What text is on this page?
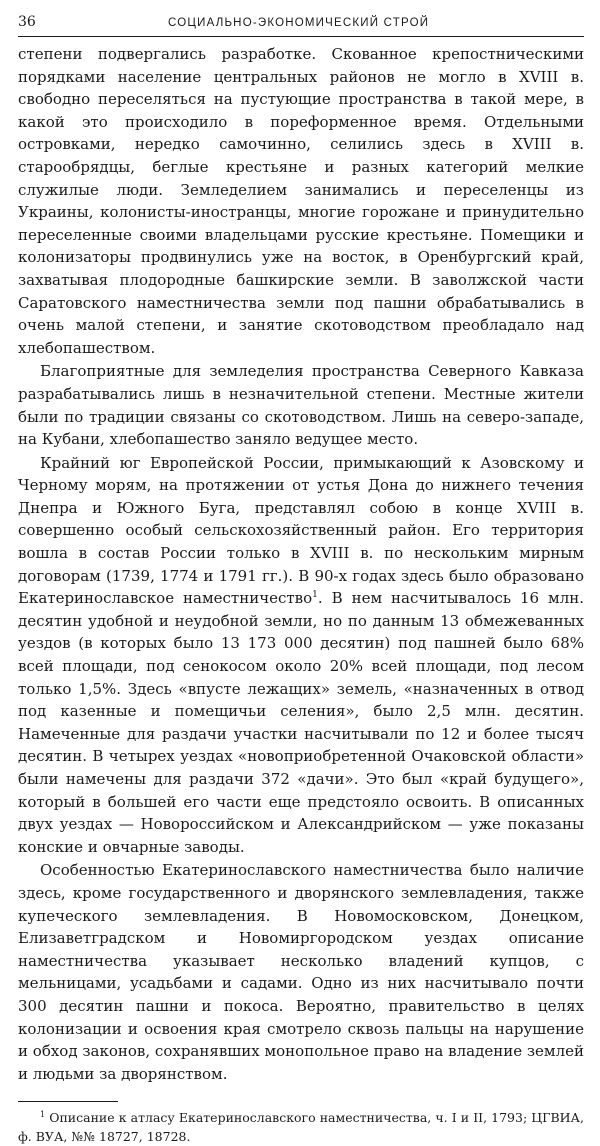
36	СОЦИАЛЬНО-ЭКОНОМИЧЕСКИЙ СТРОЙ

степени подвергались разработке. Скованное крепостническими порядками население центральных районов не могло в XVIII в. свободно переселяться на пустующие пространства в такой мере, в какой это происходило в пореформенное время. Отдельными островками, нередко самочинно, селились здесь в XVIII в. старообрядцы, беглые крестьяне и разных категорий мелкие служилые люди. Земледелием занимались и переселенцы из Украины, колонисты-иностранцы, многие горожане и принудительно переселенные своими владельцами русские крестьяне. Помещики и колонизаторы продвинулись уже на восток, в Оренбургский край, захватывая плодородные башкирские земли. В заволжской части Саратовского наместничества земли под пашни обрабатывались в очень малой степени, и занятие скотоводством преобладало над хлебопашеством.

Благоприятные для земледелия пространства Северного Кавказа разрабатывались лишь в незначительной степени. Местные жители были по традиции связаны со скотоводством. Лишь на северо-западе, на Кубани, хлебопашество заняло ведущее место.

Крайний юг Европейской России, примыкающий к Азовскому и Черному морям, на протяжении от устья Дона до нижнего течения Днепра и Южного Буга, представлял собою в конце XVIII в. совершенно особый сельскохозяйственный район. Его территория вошла в состав России только в XVIII в. по нескольким мирным договорам (1739, 1774 и 1791 гг.). В 90-х годах здесь было образовано Екатеринославское наместничество$^1$. В нем насчитывалось 16 млн. десятин удобной и неудобной земли, но по данным 13 обмежеванных уездов (в которых было 13 173 000 десятин) под пашней было 68% всей площади, под сенокосом около 20% всей площади, под лесом только 1,5%. Здесь «впусте лежащих» земель, «назначенных в отвод под казенные и помещичьи селения», было 2,5 млн. десятин. Намеченные для раздачи участки насчитывали по 12 и более тысяч десятин. В четырех уездах «новоприобретенной Очаковской области» были намечены для раздачи 372 «дачи». Это был «край будущего», который в большей его части еще предстояло освоить. В описанных двух уездах — Новороссийском и Александрийском — уже показаны конские и овчарные заводы.

Особенностью Екатеринославского наместничества было наличие здесь, кроме государственного и дворянского землевладения, также купеческого землевладения. В Новомосковском, Донецком, Елизаветградском и Новомиргородском уездах описание наместничества указывает несколько владений купцов, с мельницами, усадьбами и садами. Одно из них насчитывало почти 300 десятин пашни и покоса. Вероятно, правительство в целях колонизации и освоения края смотрело сквозь пальцы на нарушение и обход законов, сохранявших монопольное право на владение землей и людьми за дворянством.

$^1$ Описание к атласу Екатеринославского наместничества, ч. I и II, 1793; ЦГВИА, ф. ВУА, №№ 18727, 18728.
